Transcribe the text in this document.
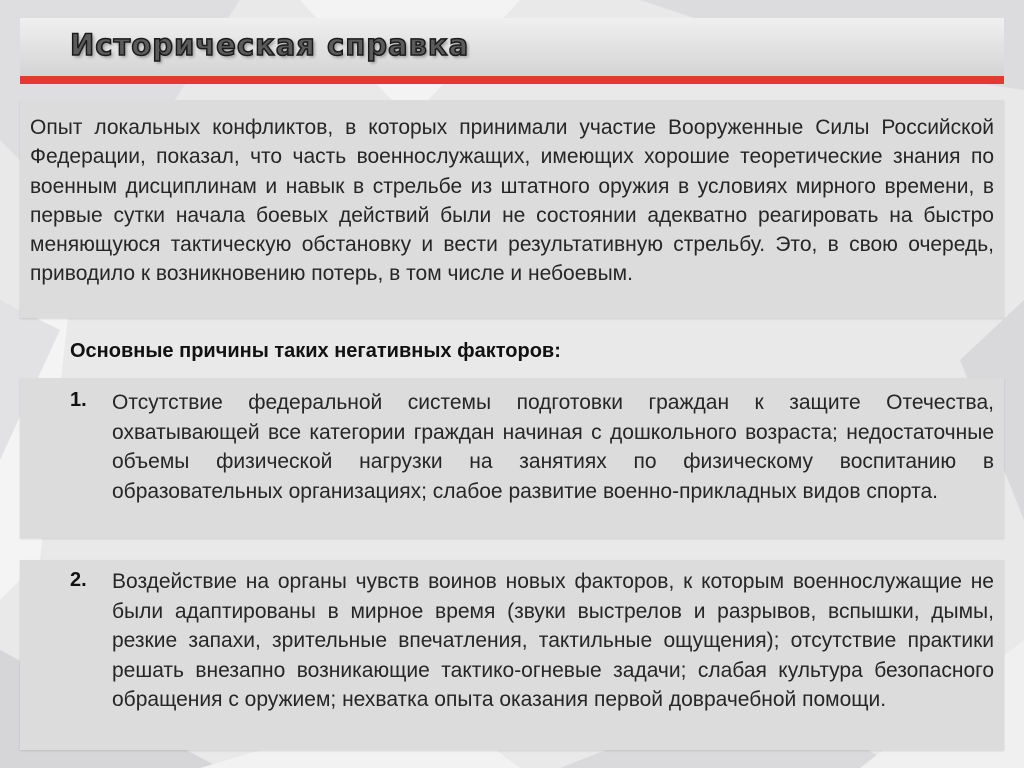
Историческая справка

Опыт локальных конфликтов, в которых принимали участие Вооруженные Силы Российской Федерации, показал, что часть военнослужащих, имеющих хорошие теоретические знания по военным дисциплинам и навык в стрельбе из штатного оружия в условиях мирного времени, в первые сутки начала боевых действий были не состоянии адекватно реагировать на быстро меняющуюся тактическую обстановку и вести результативную стрельбу. Это, в свою очередь, приводило к возникновению потерь, в том числе и небоевым.

Основные причины таких негативных факторов:
1. Отсутствие федеральной системы подготовки граждан к защите Отечества, охватывающей все категории граждан начиная с дошкольного возраста; недостаточные объемы физической нагрузки на занятиях по физическому воспитанию в образовательных организациях; слабое развитие военно-прикладных видов спорта.

2. Воздействие на органы чувств воинов новых факторов, к которым военнослужащие не были адаптированы в мирное время (звуки выстрелов и разрывов, вспышки, дымы, резкие запахи, зрительные впечатления, тактильные ощущения); отсутствие практики решать внезапно возникающие тактико-огневые задачи; слабая культура безопасного обращения с оружием; нехватка опыта оказания первой доврачебной помощи.
